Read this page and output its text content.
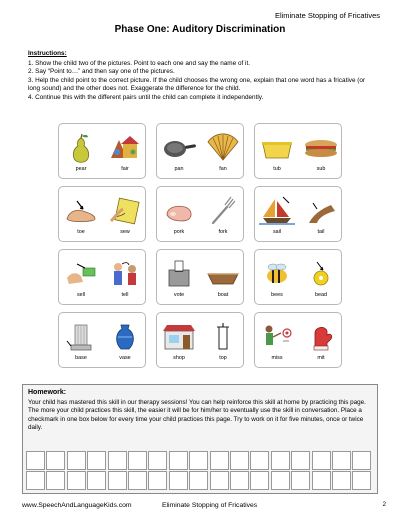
Eliminate Stopping of Fricatives
Phase One: Auditory Discrimination
Instructions:
1. Show the child two of the pictures. Point to each one and say the name of it.
2. Say “Point to…” and then say one of the pictures.
3. Help the child point to the correct picture. If the child chooses the wrong one, explain that one word has a fricative (or long sound) and the other does not. Exaggerate the difference for the child.
4. Continue this with the different pairs until the child can complete it independently.
pear	fair	pan	fan	tub	sub
toe	sew	pork	fork	sail	tail
sell	tell	vote	boat	bees	bead
base	vase	shop	top	miss	mit
Homework:
Your child has mastered this skill in our therapy sessions! You can help reinforce this skill at home by practicing this page. The more your child practices this skill, the easier it will be for him/her to eventually use the skill in conversation. Place a checkmark in one box below for every time your child practices this page. Try to work on it for five minutes, once or twice daily.
www.SpeechAndLanguageKids.com	Eliminate Stopping of Fricatives	2
